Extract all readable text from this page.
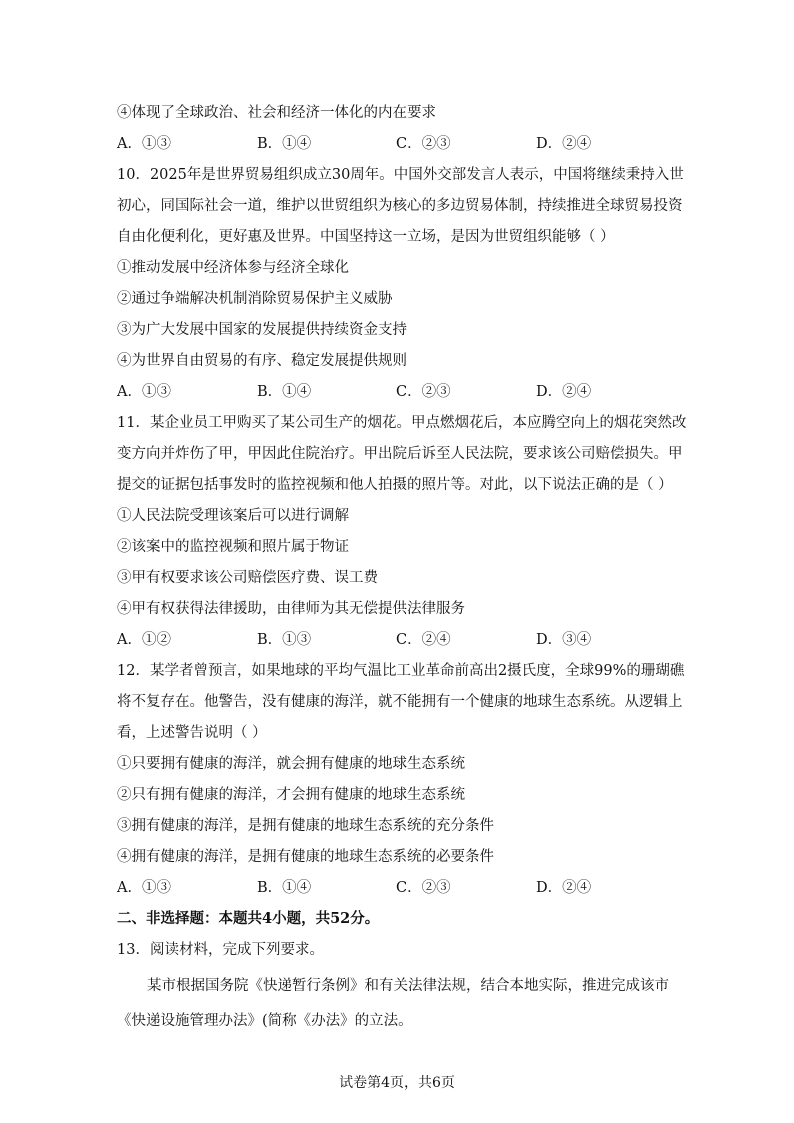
④体现了全球政治、社会和经济一体化的内在要求
A．①③	B．①④	C．②③	D．②④
10．2025年是世界贸易组织成立30周年。中国外交部发言人表示，中国将继续秉持入世
初心，同国际社会一道，维护以世贸组织为核心的多边贸易体制，持续推进全球贸易投资
自由化便利化，更好惠及世界。中国坚持这一立场，是因为世贸组织能够（ ）
①推动发展中经济体参与经济全球化
②通过争端解决机制消除贸易保护主义威胁
③为广大发展中国家的发展提供持续资金支持
④为世界自由贸易的有序、稳定发展提供规则
A．①③	B．①④	C．②③	D．②④
11．某企业员工甲购买了某公司生产的烟花。甲点燃烟花后，本应腾空向上的烟花突然改
变方向并炸伤了甲，甲因此住院治疗。甲出院后诉至人民法院，要求该公司赔偿损失。甲
提交的证据包括事发时的监控视频和他人拍摄的照片等。对此，以下说法正确的是（ ）
①人民法院受理该案后可以进行调解
②该案中的监控视频和照片属于物证
③甲有权要求该公司赔偿医疗费、误工费
④甲有权获得法律援助，由律师为其无偿提供法律服务
A．①②	B．①③	C．②④	D．③④
12．某学者曾预言，如果地球的平均气温比工业革命前高出2摄氏度，全球99%的珊瑚礁
将不复存在。他警告，没有健康的海洋，就不能拥有一个健康的地球生态系统。从逻辑上
看，上述警告说明（ ）
①只要拥有健康的海洋，就会拥有健康的地球生态系统
②只有拥有健康的海洋，才会拥有健康的地球生态系统
③拥有健康的海洋，是拥有健康的地球生态系统的充分条件
④拥有健康的海洋，是拥有健康的地球生态系统的必要条件
A．①③	B．①④	C．②③	D．②④
二、非选择题：本题共4小题，共52分。
13．阅读材料，完成下列要求。
某市根据国务院《快递暂行条例》和有关法律法规，结合本地实际，推进完成该市
《快递设施管理办法》(简称《办法》的立法。
试卷第4页，共6页
